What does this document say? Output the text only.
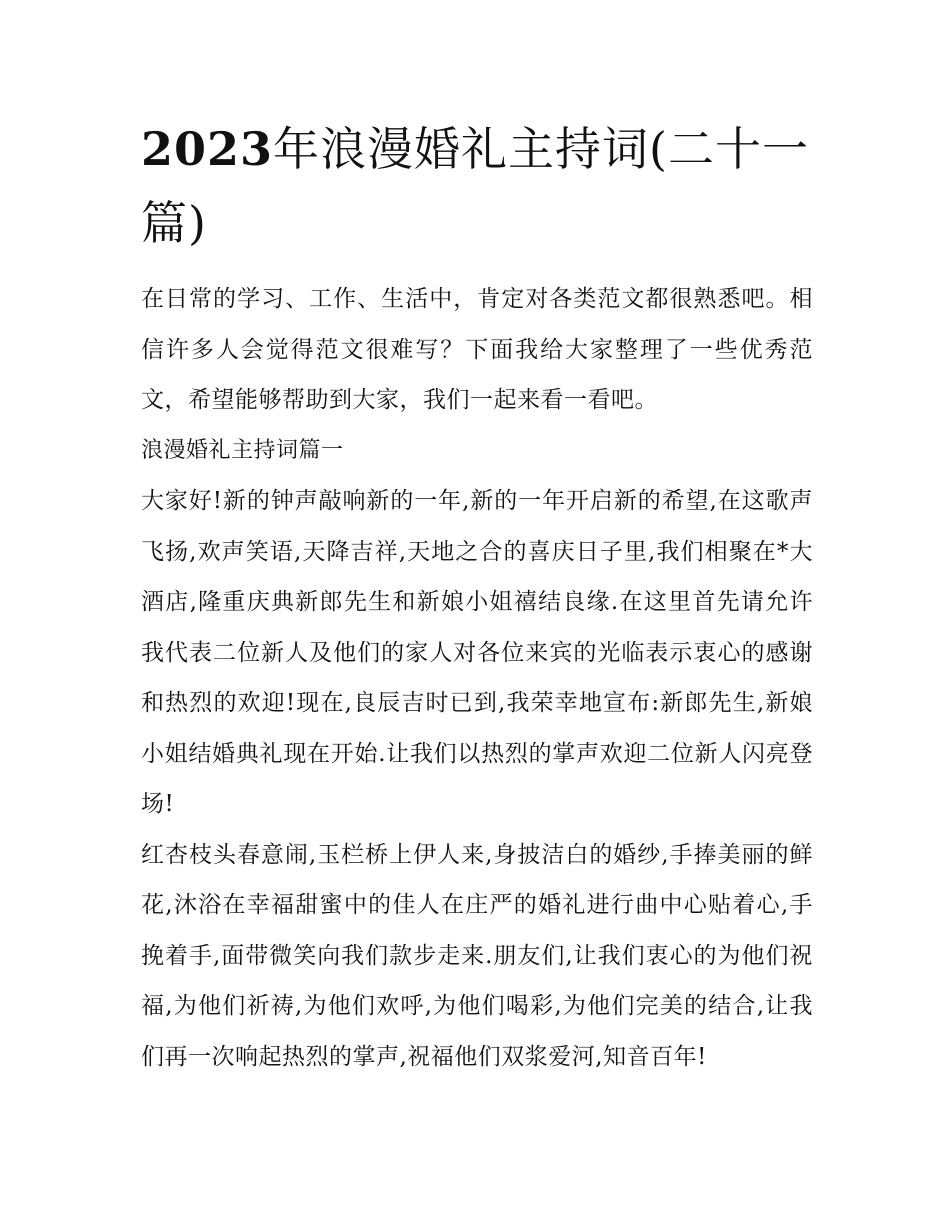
2023年浪漫婚礼主持词(二十一篇)

在日常的学习、工作、生活中，肯定对各类范文都很熟悉吧。相信许多人会觉得范文很难写？下面我给大家整理了一些优秀范文，希望能够帮助到大家，我们一起来看一看吧。

浪漫婚礼主持词篇一

大家好!新的钟声敲响新的一年,新的一年开启新的希望,在这歌声飞扬,欢声笑语,天降吉祥,天地之合的喜庆日子里,我们相聚在*大酒店,隆重庆典新郎先生和新娘小姐禧结良缘.在这里首先请允许我代表二位新人及他们的家人对各位来宾的光临表示衷心的感谢和热烈的欢迎!现在,良辰吉时已到,我荣幸地宣布:新郎先生,新娘小姐结婚典礼现在开始.让我们以热烈的掌声欢迎二位新人闪亮登场!

红杏枝头春意闹,玉栏桥上伊人来,身披洁白的婚纱,手捧美丽的鲜花,沐浴在幸福甜蜜中的佳人在庄严的婚礼进行曲中心贴着心,手挽着手,面带微笑向我们款步走来.朋友们,让我们衷心的为他们祝福,为他们祈祷,为他们欢呼,为他们喝彩,为他们完美的结合,让我们再一次响起热烈的掌声,祝福他们双浆爱河,知音百年!
